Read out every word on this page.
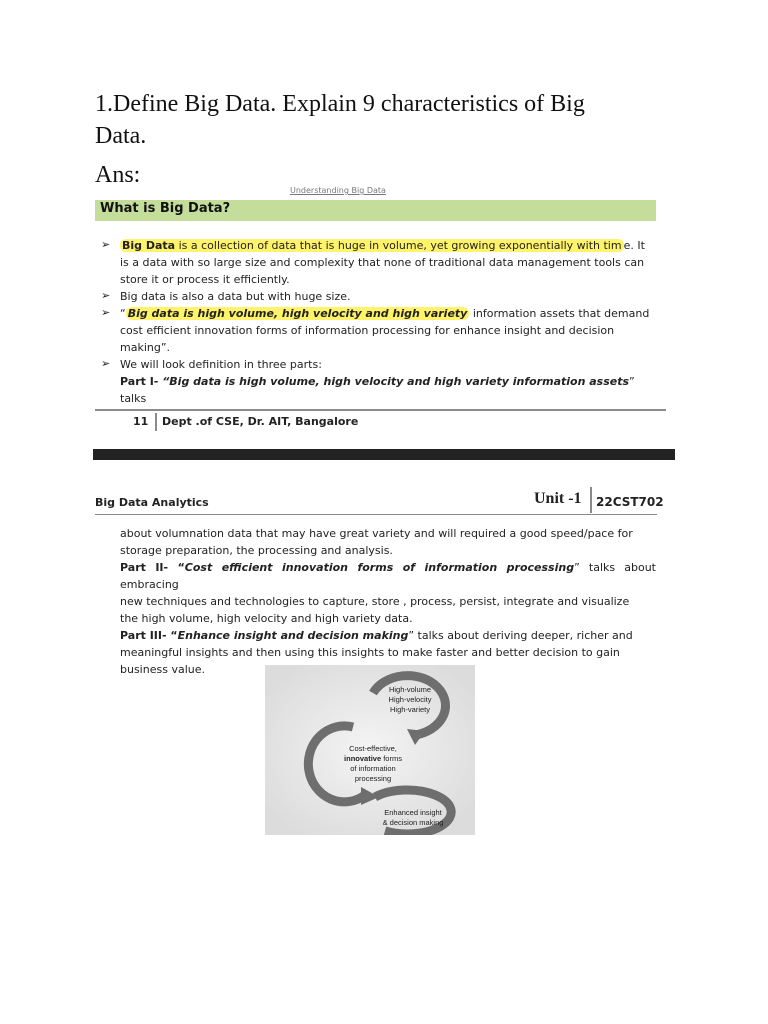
1.Define Big Data. Explain 9 characteristics of Big
Data.
Ans:
Understanding Big Data
What is Big Data?
➢ Big Data is a collection of data that is huge in volume, yet growing exponentially with tim e. It
is a data with so large size and complexity that none of traditional data management tools can
store it or process it efficiently.
➢ Big data is also a data but with huge size.
➢ “ Big data is high volume, high velocity and high variety information assets that demand
cost efficient innovation forms of information processing for enhance insight and decision
making”.
➢ We will look definition in three parts:
Part I- “Big data is high volume, high velocity and high variety information assets” talks
11 Dept .of CSE, Dr. AIT, Bangalore
Big Data Analytics	Unit -1 22CST702
about volumnation data that may have great variety and will required a good speed/pace for
storage preparation, the processing and analysis.
Part II- “Cost efficient innovation forms of information processing” talks about embracing
new techniques and technologies to capture, store , process, persist, integrate and visualize
the high volume, high velocity and high variety data.
Part III- “Enhance insight and decision making” talks about deriving deeper, richer and
meaningful insights and then using this insights to make faster and better decision to gain
business value.
High-volume
High-velocity
High-variety
Cost-effective,
innovative forms
of information
processing
Enhanced insight
& decision making
